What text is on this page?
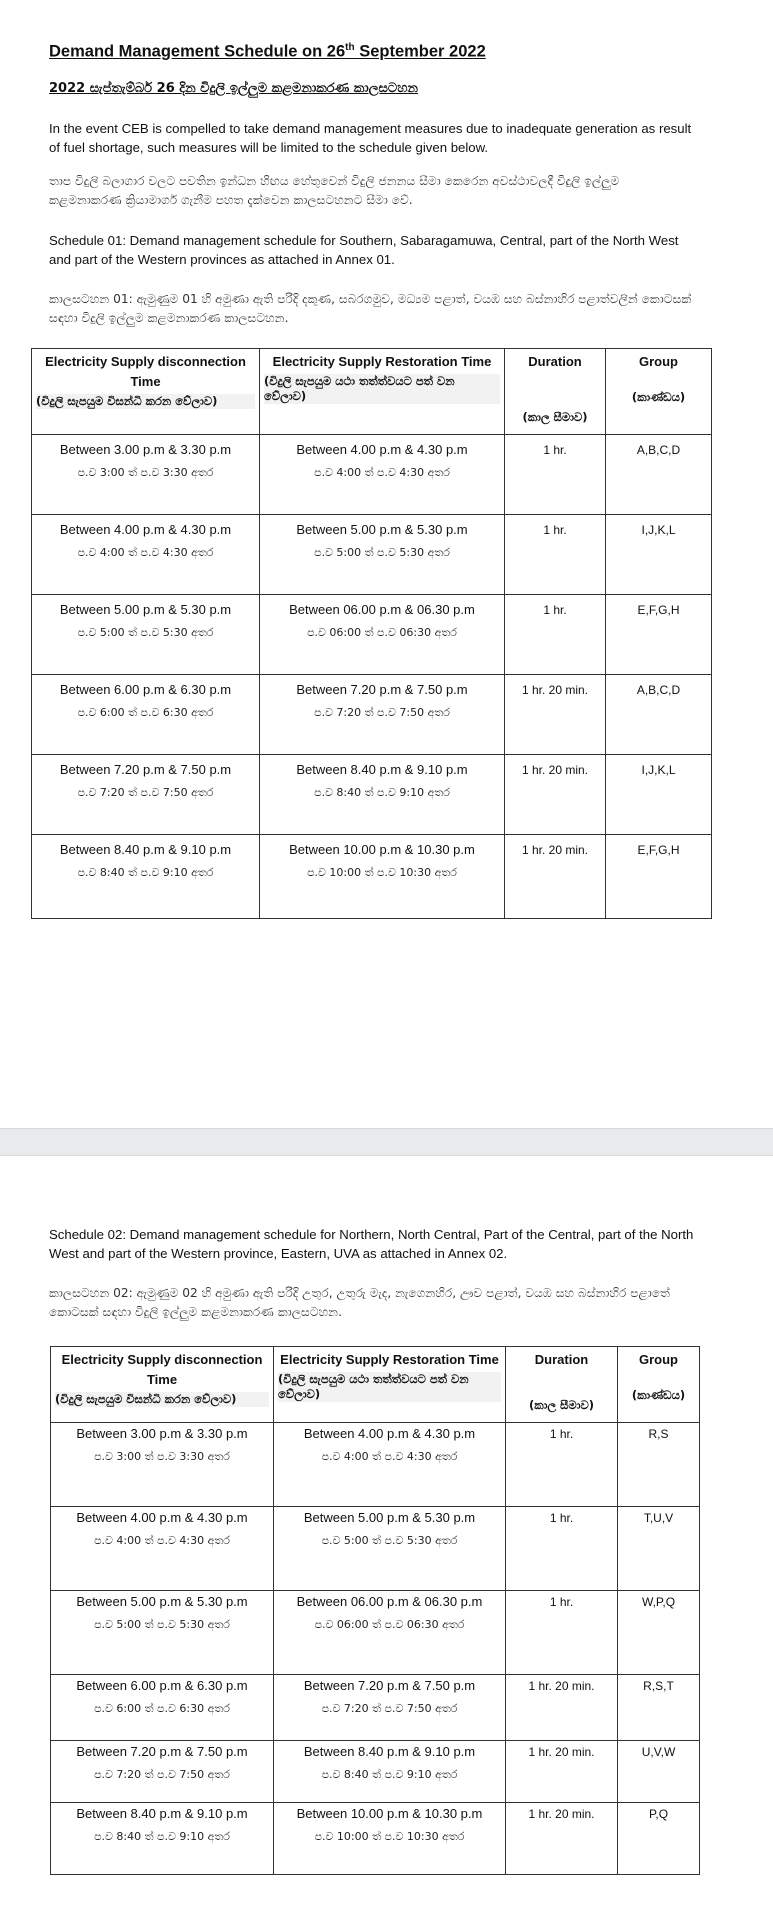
Demand Management Schedule on 26th September 2022
2022 සැප්තැම්බර් 26 දින විදුලි ඉල්ලුම කළමනාකරණ කාලසටහන
In the event CEB is compelled to take demand management measures due to inadequate generation as result of fuel shortage, such measures will be limited to the schedule given below.
තාප විදුලි බලාගාර වලට පවතින ඉන්ධන හිඟය හේතුවෙන් විදුලි ජනනය සීමා කෙරෙන අවස්ථාවලදී විදුලි ඉල්ලුම කළමනාකරණ ක්‍රියාමාර්ග ගැනීම පහත දැක්වෙන කාලසටහනට සීමා වේ.
Schedule 01: Demand management schedule for Southern, Sabaragamuwa, Central, part of the North West and part of the Western provinces as attached in Annex 01.
කාලසටහන 01: ඇමුණුම 01 හි අමුණා ඇති පරිදි දකුණ, සබරගමුව, මධ්‍යම පළාත්, වයඹ සහ බස්නාහිර පළාත්වලින් කොටසක් සඳහා විදුලි ඉල්ලුම කළමනාකරණ කාලසටහන.
Electricity Supply disconnection Time
(විදුලි සැපයුම විසන්ධි කරන වේලාව)	Electricity Supply Restoration Time
(විදුලි සැපයුම යථා තත්ත්වයට පත් වන වේලාව)	Duration
(කාල සීමාව)	Group
(කාණ්ඩය)

Between 3.00 p.m & 3.30 p.m
ප.ව 3:00 ත් ප.ව 3:30 අතර	Between 4.00 p.m & 4.30 p.m
ප.ව 4:00 ත් ප.ව 4:30 අතර	1 hr.	A,B,C,D

Between 4.00 p.m & 4.30 p.m
ප.ව 4:00 ත් ප.ව 4:30 අතර	Between 5.00 p.m & 5.30 p.m
ප.ව 5:00 ත් ප.ව 5:30 අතර	1 hr.	I,J,K,L

Between 5.00 p.m & 5.30 p.m
ප.ව 5:00 ත් ප.ව 5:30 අතර	Between 06.00 p.m & 06.30 p.m
ප.ව 06:00 ත් ප.ව 06:30 අතර	1 hr.	E,F,G,H

Between 6.00 p.m & 6.30 p.m
ප.ව 6:00 ත් ප.ව 6:30 අතර	Between 7.20 p.m & 7.50 p.m
ප.ව 7:20 ත් ප.ව 7:50 අතර	1 hr. 20 min.	A,B,C,D

Between 7.20 p.m & 7.50 p.m
ප.ව 7:20 ත් ප.ව 7:50 අතර	Between 8.40 p.m & 9.10 p.m
ප.ව 8:40 ත් ප.ව 9:10 අතර	1 hr. 20 min.	I,J,K,L

Between 8.40 p.m & 9.10 p.m
ප.ව 8:40 ත් ප.ව 9:10 අතර	Between 10.00 p.m & 10.30 p.m
ප.ව 10:00 ත් ප.ව 10:30 අතර	1 hr. 20 min.	E,F,G,H
Schedule 02: Demand management schedule for Northern, North Central, Part of the Central, part of the North West and part of the Western province, Eastern, UVA as attached in Annex 02.
කාලසටහන 02: ඇමුණුම 02 හි අමුණා ඇති පරිදි උතුර, උතුරු මැද, නැගෙනහිර, ඌව පළාත්, වයඹ සහ බස්නාහිර පළාතේ කොටසක් සඳහා විදුලි ඉල්ලුම කළමනාකරණ කාලසටහන.
Electricity Supply disconnection Time
(විදුලි සැපයුම විසන්ධි කරන වේලාව)	Electricity Supply Restoration Time
(විදුලි සැපයුම යථා තත්ත්වයට පත් වන වේලාව)	Duration
(කාල සීමාව)	Group
(කාණ්ඩය)

Between 3.00 p.m & 3.30 p.m
ප.ව 3:00 ත් ප.ව 3:30 අතර	Between 4.00 p.m & 4.30 p.m
ප.ව 4:00 ත් ප.ව 4:30 අතර	1 hr.	R,S

Between 4.00 p.m & 4.30 p.m
ප.ව 4:00 ත් ප.ව 4:30 අතර	Between 5.00 p.m & 5.30 p.m
ප.ව 5:00 ත් ප.ව 5:30 අතර	1 hr.	T,U,V

Between 5.00 p.m & 5.30 p.m
ප.ව 5:00 ත් ප.ව 5:30 අතර	Between 06.00 p.m & 06.30 p.m
ප.ව 06:00 ත් ප.ව 06:30 අතර	1 hr.	W,P,Q

Between 6.00 p.m & 6.30 p.m
ප.ව 6:00 ත් ප.ව 6:30 අතර	Between 7.20 p.m & 7.50 p.m
ප.ව 7:20 ත් ප.ව 7:50 අතර	1 hr. 20 min.	R,S,T

Between 7.20 p.m & 7.50 p.m
ප.ව 7:20 ත් ප.ව 7:50 අතර	Between 8.40 p.m & 9.10 p.m
ප.ව 8:40 ත් ප.ව 9:10 අතර	1 hr. 20 min.	U,V,W

Between 8.40 p.m & 9.10 p.m
ප.ව 8:40 ත් ප.ව 9:10 අතර	Between 10.00 p.m & 10.30 p.m
ප.ව 10:00 ත් ප.ව 10:30 අතර	1 hr. 20 min.	P,Q
